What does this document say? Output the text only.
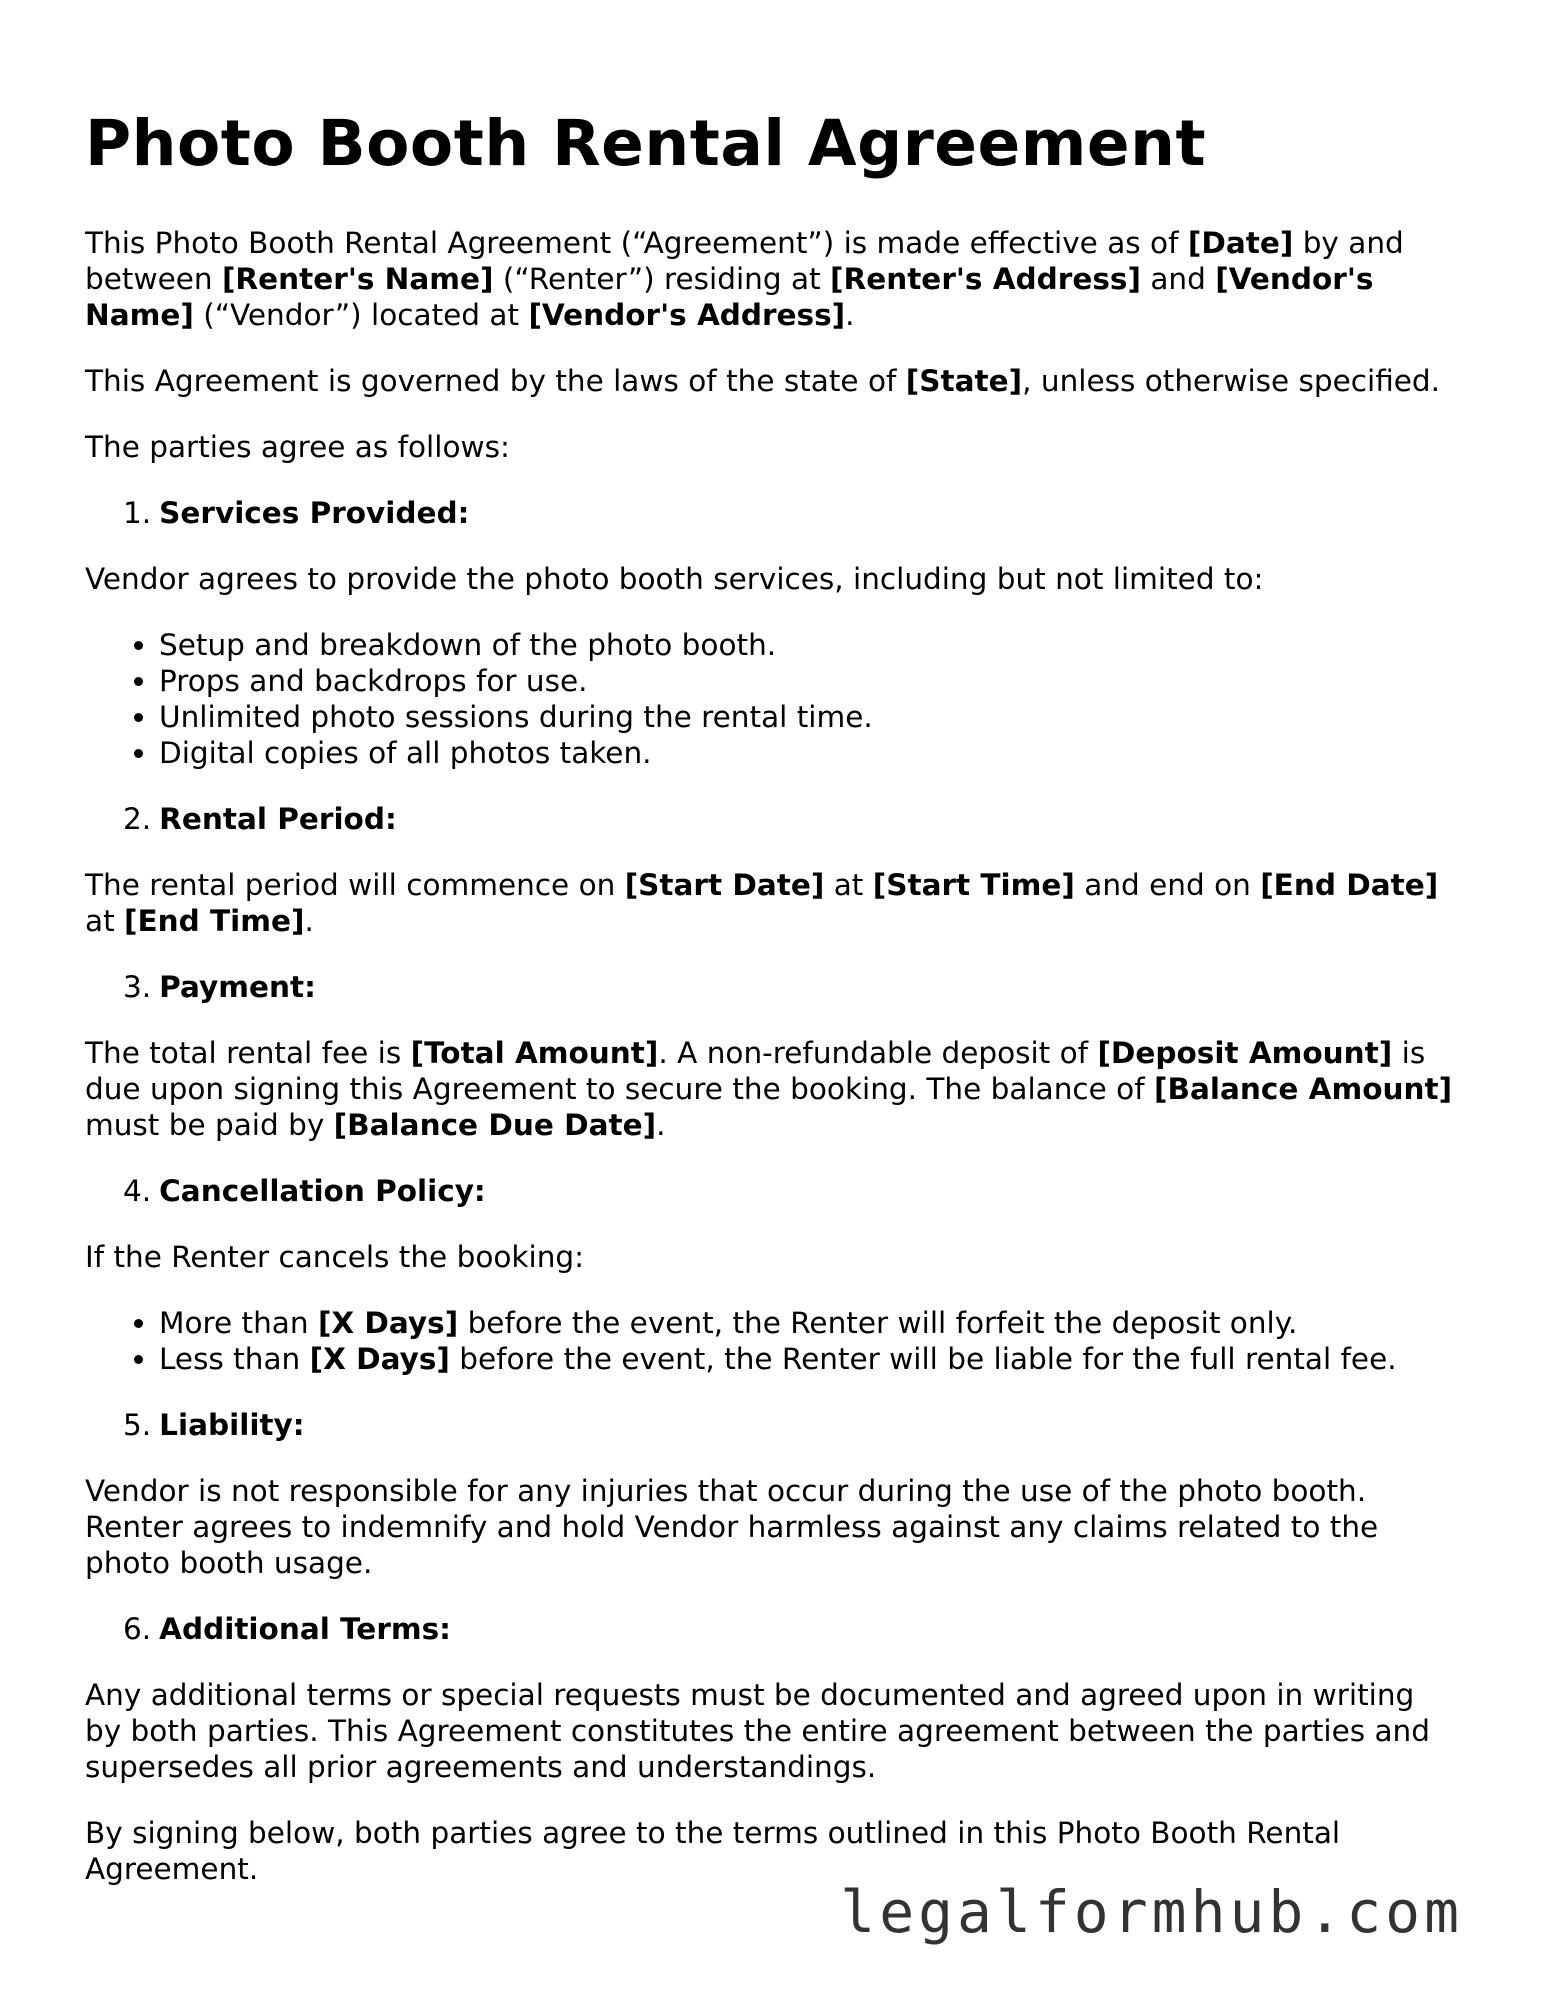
Photo Booth Rental Agreement

This Photo Booth Rental Agreement (“Agreement”) is made effective as of [Date] by and between [Renter's Name] (“Renter”) residing at [Renter's Address] and [Vendor's Name] (“Vendor”) located at [Vendor's Address].

This Agreement is governed by the laws of the state of [State], unless otherwise specified.

The parties agree as follows:

1. Services Provided:

Vendor agrees to provide the photo booth services, including but not limited to:

• Setup and breakdown of the photo booth.
• Props and backdrops for use.
• Unlimited photo sessions during the rental time.
• Digital copies of all photos taken.
2. Rental Period:

The rental period will commence on [Start Date] at [Start Time] and end on [End Date] at [End Time].

3. Payment:

The total rental fee is [Total Amount]. A non-refundable deposit of [Deposit Amount] is due upon signing this Agreement to secure the booking. The balance of [Balance Amount] must be paid by [Balance Due Date].

4. Cancellation Policy:

If the Renter cancels the booking:

• More than [X Days] before the event, the Renter will forfeit the deposit only.
• Less than [X Days] before the event, the Renter will be liable for the full rental fee.
5. Liability:

Vendor is not responsible for any injuries that occur during the use of the photo booth. Renter agrees to indemnify and hold Vendor harmless against any claims related to the photo booth usage.

6. Additional Terms:

Any additional terms or special requests must be documented and agreed upon in writing by both parties. This Agreement constitutes the entire agreement between the parties and supersedes all prior agreements and understandings.

By signing below, both parties agree to the terms outlined in this Photo Booth Rental Agreement.

legalformhub.com
